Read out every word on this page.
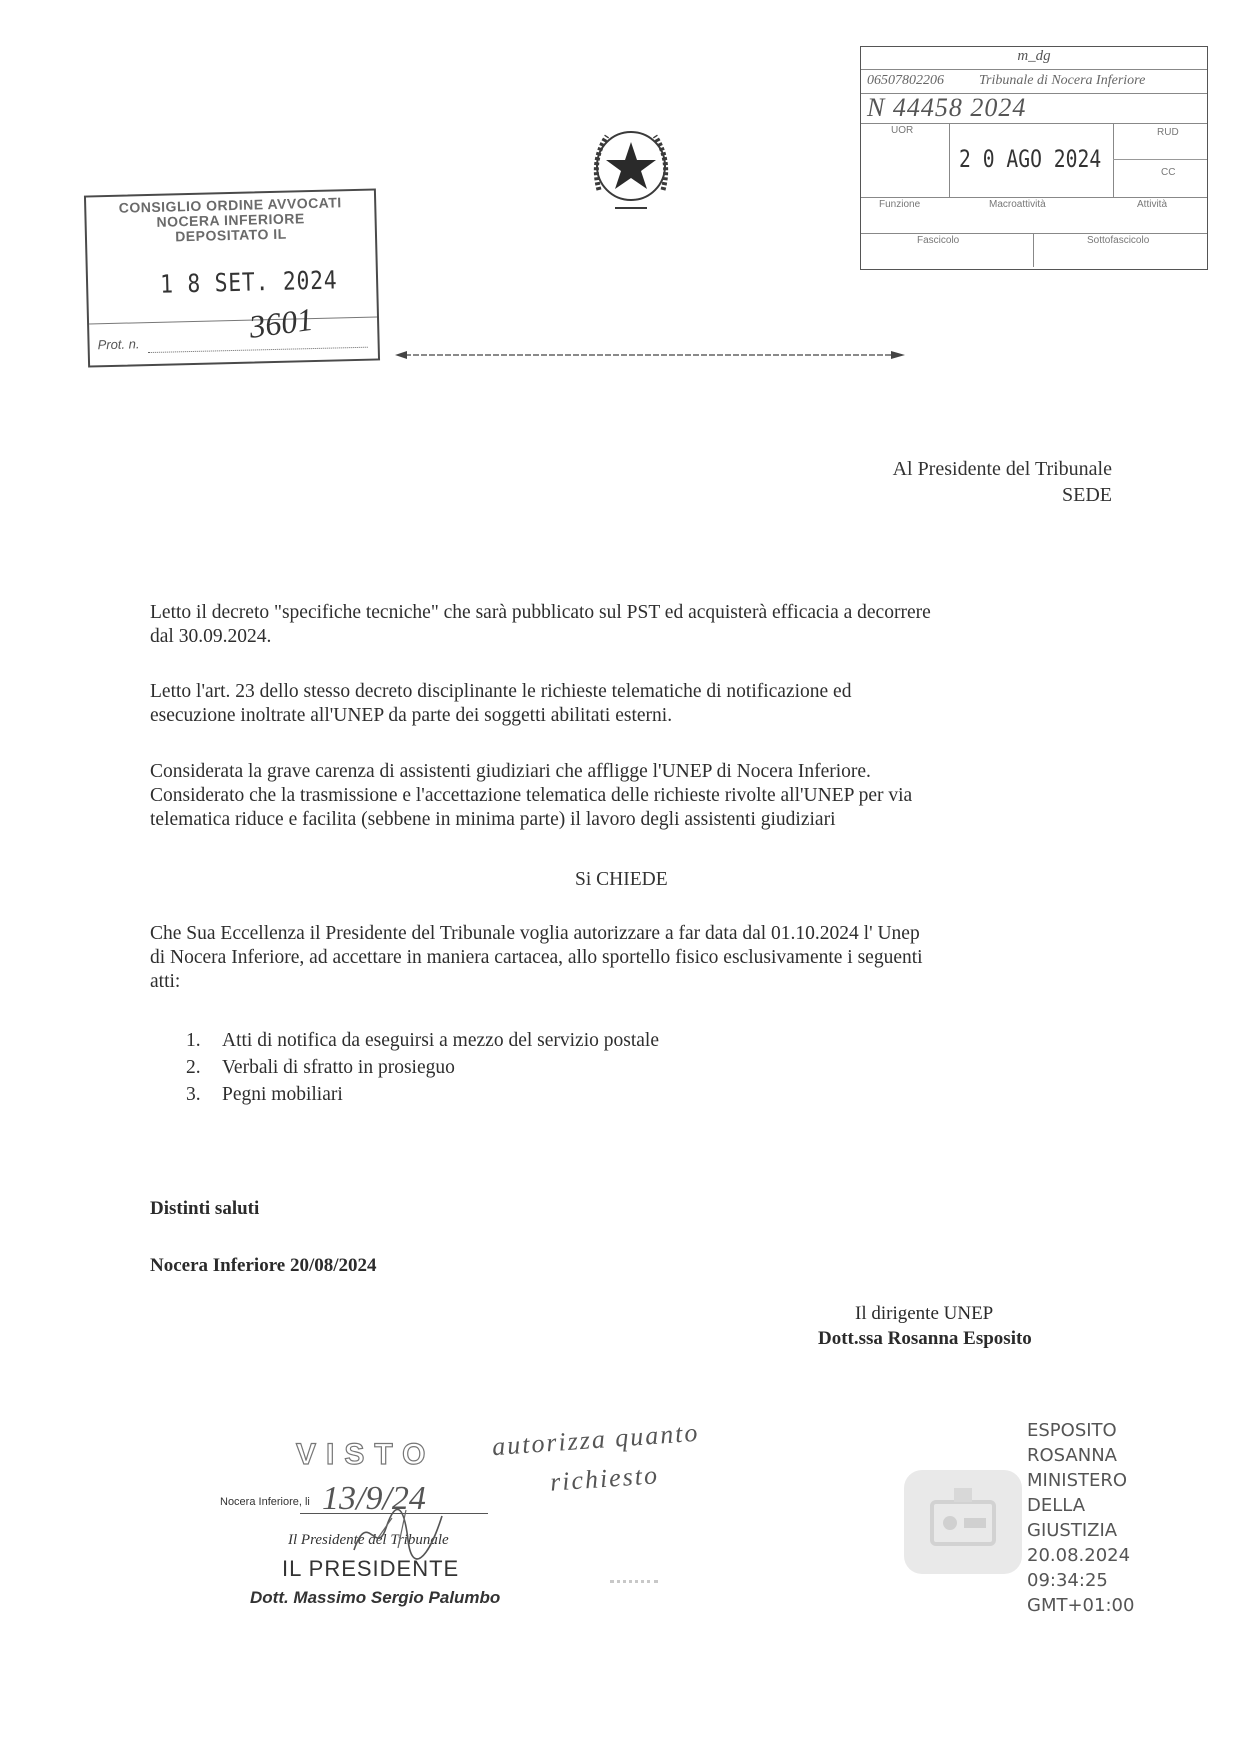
CONSIGLIO ORDINE AVVOCATI
NOCERA INFERIORE
DEPOSITATO IL
1 8 SET. 2024
Prot. n.	3601
m_dg
06507802206	Tribunale di Nocera Inferiore
N 44458 2024
UOR
2 0 AGO 2024
RUD
CC
Funzione	Macroattività	Attività
Fascicolo	Sottofascicolo
Al Presidente del Tribunale
SEDE
Letto il decreto "specifiche tecniche" che sarà pubblicato sul PST ed acquisterà efficacia a decorrere
dal 30.09.2024.
Letto l'art. 23 dello stesso decreto disciplinante le richieste telematiche di notificazione ed
esecuzione inoltrate all'UNEP da parte dei soggetti abilitati esterni.
Considerata la grave carenza di assistenti giudiziari che affligge l'UNEP di Nocera Inferiore.
Considerato che la trasmissione e l'accettazione telematica delle richieste rivolte all'UNEP per via
telematica riduce e facilita (sebbene in minima parte) il lavoro degli assistenti giudiziari
Si CHIEDE
Che Sua Eccellenza il Presidente del Tribunale voglia autorizzare a far data dal 01.10.2024 l' Unep
di Nocera Inferiore, ad accettare in maniera cartacea, allo sportello fisico esclusivamente i seguenti
atti:
1. Atti di notifica da eseguirsi a mezzo del servizio postale
2. Verbali di sfratto in prosieguo
3. Pegni mobiliari
Distinti saluti
Nocera Inferiore 20/08/2024
Il dirigente UNEP
Dott.ssa Rosanna Esposito
VISTO
Nocera Inferiore, li 13/9/24
Il Presidente del Tribunale
IL PRESIDENTE
Dott. Massimo Sergio Palumbo
autorizza quanto
richiesto
ESPOSITO
ROSANNA
MINISTERO
DELLA
GIUSTIZIA
20.08.2024
09:34:25
GMT+01:00
